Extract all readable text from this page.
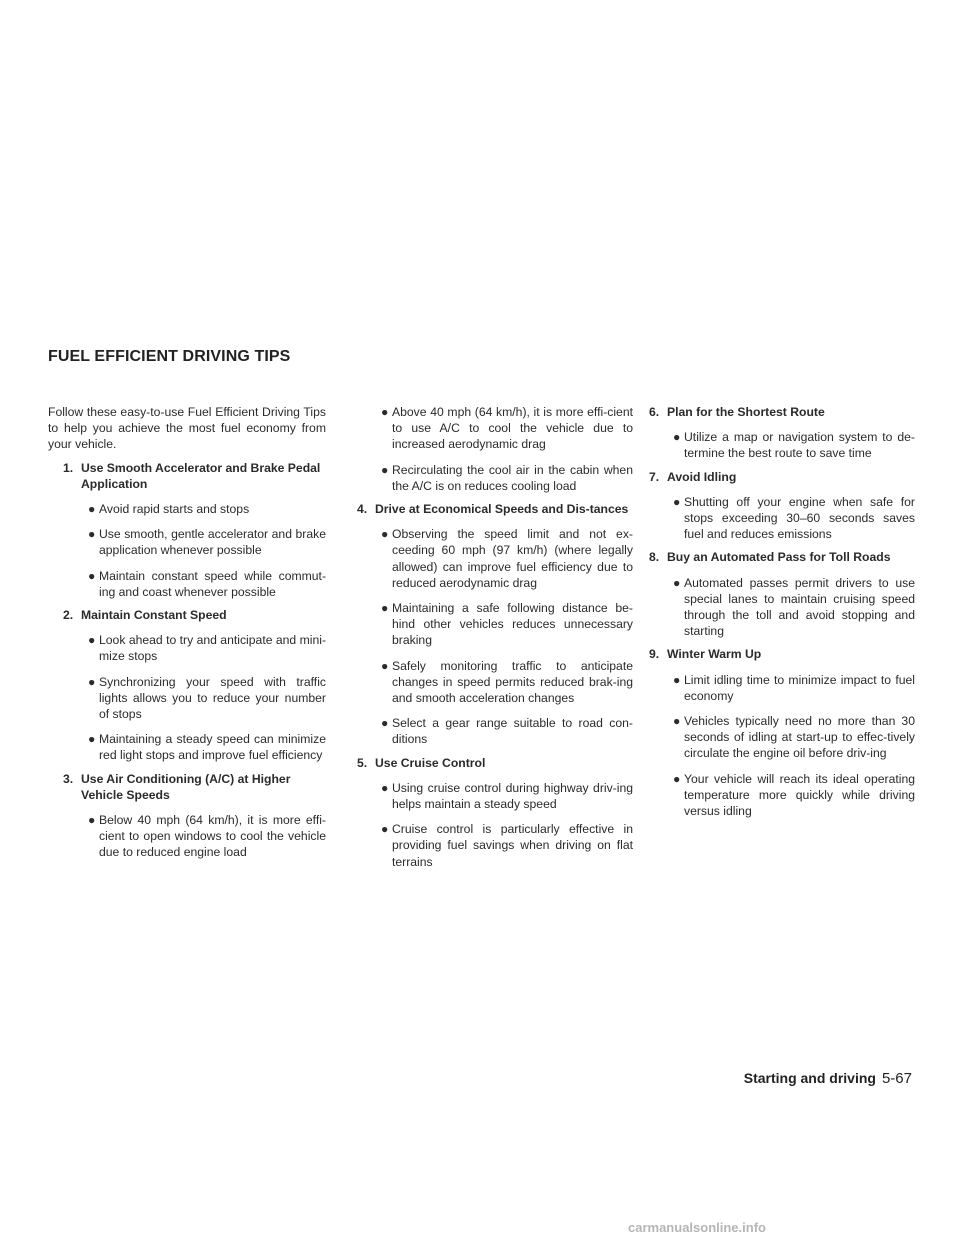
FUEL EFFICIENT DRIVING TIPS

Follow these easy-to-use Fuel Efficient Driving Tips to help you achieve the most fuel economy from your vehicle.

1. Use Smooth Accelerator and Brake Pedal Application
● Avoid rapid starts and stops
● Use smooth, gentle accelerator and brake application whenever possible
● Maintain constant speed while commut-ing and coast whenever possible
2. Maintain Constant Speed
● Look ahead to try and anticipate and mini-mize stops
● Synchronizing your speed with traffic lights allows you to reduce your number of stops
● Maintaining a steady speed can minimize red light stops and improve fuel efficiency
3. Use Air Conditioning (A/C) at Higher Vehicle Speeds
● Below 40 mph (64 km/h), it is more effi-cient to open windows to cool the vehicle due to reduced engine load
● Above 40 mph (64 km/h), it is more effi-cient to use A/C to cool the vehicle due to increased aerodynamic drag
● Recirculating the cool air in the cabin when the A/C is on reduces cooling load
4. Drive at Economical Speeds and Dis-tances
● Observing the speed limit and not ex-ceeding 60 mph (97 km/h) (where legally allowed) can improve fuel efficiency due to reduced aerodynamic drag
● Maintaining a safe following distance be-hind other vehicles reduces unnecessary braking
● Safely monitoring traffic to anticipate changes in speed permits reduced brak-ing and smooth acceleration changes
● Select a gear range suitable to road con-ditions
5. Use Cruise Control
● Using cruise control during highway driv-ing helps maintain a steady speed
● Cruise control is particularly effective in providing fuel savings when driving on flat terrains
6. Plan for the Shortest Route
● Utilize a map or navigation system to de-termine the best route to save time
7. Avoid Idling
● Shutting off your engine when safe for stops exceeding 30–60 seconds saves fuel and reduces emissions
8. Buy an Automated Pass for Toll Roads
● Automated passes permit drivers to use special lanes to maintain cruising speed through the toll and avoid stopping and starting
9. Winter Warm Up
● Limit idling time to minimize impact to fuel economy
● Vehicles typically need no more than 30 seconds of idling at start-up to effec-tively circulate the engine oil before driv-ing
● Your vehicle will reach its ideal operating temperature more quickly while driving versus idling
Starting and driving 5-67
carmanualsonline.info
